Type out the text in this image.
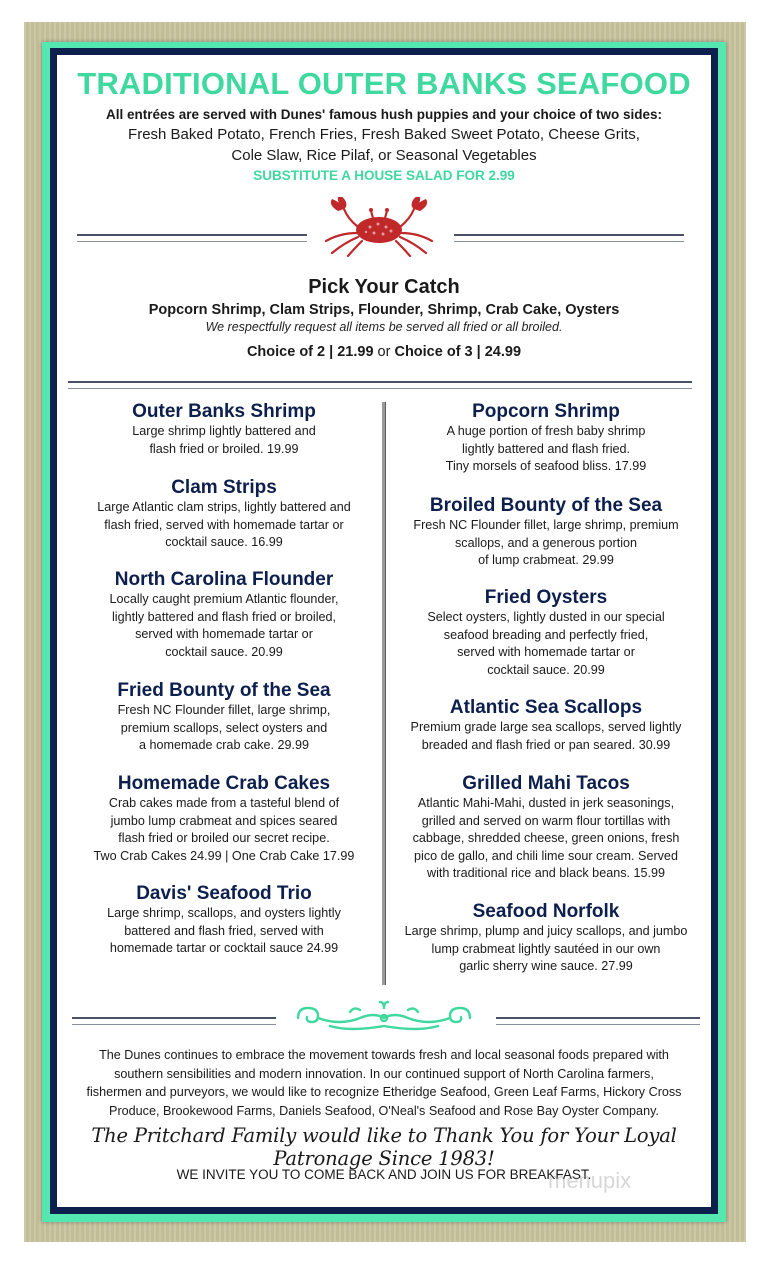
TRADITIONAL OUTER BANKS SEAFOOD
All entrées are served with Dunes' famous hush puppies and your choice of two sides:
Fresh Baked Potato, French Fries, Fresh Baked Sweet Potato, Cheese Grits,
Cole Slaw, Rice Pilaf, or Seasonal Vegetables
SUBSTITUTE A HOUSE SALAD FOR 2.99
Pick Your Catch
Popcorn Shrimp, Clam Strips, Flounder, Shrimp, Crab Cake, Oysters
We respectfully request all items be served all fried or all broiled.
Choice of 2 | 21.99 or Choice of 3 | 24.99
Outer Banks Shrimp
Large shrimp lightly battered and
flash fried or broiled. 19.99
Clam Strips
Large Atlantic clam strips, lightly battered and
flash fried, served with homemade tartar or
cocktail sauce. 16.99
North Carolina Flounder
Locally caught premium Atlantic flounder,
lightly battered and flash fried or broiled,
served with homemade tartar or
cocktail sauce. 20.99
Fried Bounty of the Sea
Fresh NC Flounder fillet, large shrimp,
premium scallops, select oysters and
a homemade crab cake. 29.99
Homemade Crab Cakes
Crab cakes made from a tasteful blend of
jumbo lump crabmeat and spices seared
flash fried or broiled our secret recipe.
Two Crab Cakes 24.99 | One Crab Cake 17.99
Davis' Seafood Trio
Large shrimp, scallops, and oysters lightly
battered and flash fried, served with
homemade tartar or cocktail sauce 24.99
Popcorn Shrimp
A huge portion of fresh baby shrimp
lightly battered and flash fried.
Tiny morsels of seafood bliss. 17.99
Broiled Bounty of the Sea
Fresh NC Flounder fillet, large shrimp, premium
scallops, and a generous portion
of lump crabmeat. 29.99
Fried Oysters
Select oysters, lightly dusted in our special
seafood breading and perfectly fried,
served with homemade tartar or
cocktail sauce. 20.99
Atlantic Sea Scallops
Premium grade large sea scallops, served lightly
breaded and flash fried or pan seared. 30.99
Grilled Mahi Tacos
Atlantic Mahi-Mahi, dusted in jerk seasonings,
grilled and served on warm flour tortillas with
cabbage, shredded cheese, green onions, fresh
pico de gallo, and chili lime sour cream. Served
with traditional rice and black beans. 15.99
Seafood Norfolk
Large shrimp, plump and juicy scallops, and jumbo
lump crabmeat lightly sautéed in our own
garlic sherry wine sauce. 27.99
The Dunes continues to embrace the movement towards fresh and local seasonal foods prepared with
southern sensibilities and modern innovation. In our continued support of North Carolina farmers,
fishermen and purveyors, we would like to recognize Etheridge Seafood, Green Leaf Farms, Hickory Cross
Produce, Brookewood Farms, Daniels Seafood, O'Neal's Seafood and Rose Bay Oyster Company.
The Pritchard Family would like to Thank You for Your Loyal Patronage Since 1983!
WE INVITE YOU TO COME BACK AND JOIN US FOR BREAKFAST.
menupix
